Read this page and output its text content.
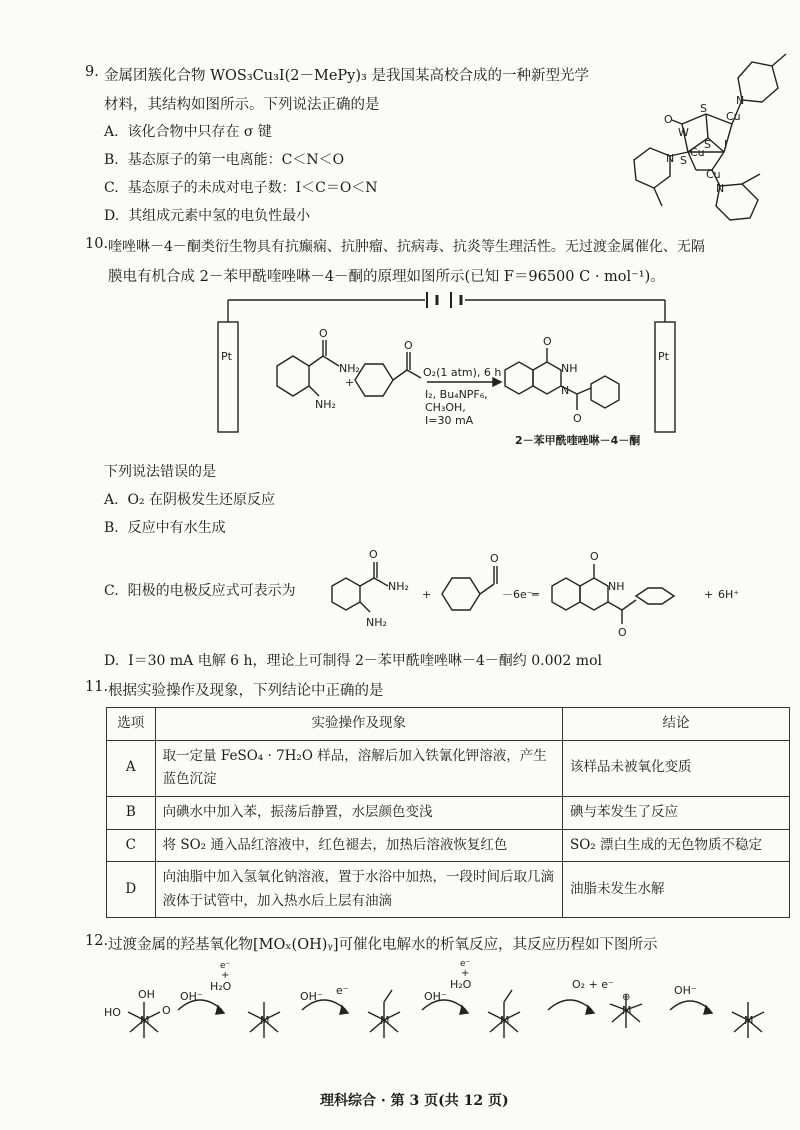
9. 金属团簇化合物 WOS₃Cu₃I(2－MePy)₃ 是我国某高校合成的一种新型光学
材料，其结构如图所示。下列说法正确的是
A. 该化合物中只存在 σ 键
B. 基态原子的第一电离能：C＜N＜O
C. 基态原子的未成对电子数：I＜C＝O＜N
D. 其组成元素中氢的电负性最小
O
W
S
S
S
Cu
Cu
Cu
I
N
N
N
10. 喹唑啉－4－酮类衍生物具有抗癫痫、抗肿瘤、抗病毒、抗炎等生理活性。无过渡金属催化、无隔
膜电有机合成 2－苯甲酰喹唑啉－4－酮的原理如图所示(已知 F＝96500 C · mol⁻¹)。
Pt	Pt
O
NH₂
NH₂
+
O
O₂(1 atm), 6 h
I₂, Bu₄NPF₆,
CH₃OH,
I=30 mA
O
NH
N
O
2－苯甲酰喹唑啉－4－酮
下列说法错误的是
A. O₂ 在阴极发生还原反应
B. 反应中有水生成
C. 阳极的电极反应式可表示为
O
NH₂
NH₂
+
O
－6e⁻ ═
O
NH
O
+ 6H⁺
D. I＝30 mA 电解 6 h，理论上可制得 2－苯甲酰喹唑啉－4－酮约 0.002 mol
11. 根据实验操作及现象，下列结论中正确的是
选项	实验操作及现象	结论
A	取一定量 FeSO₄ · 7H₂O 样品，溶解后加入铁氰化钾溶液，产生蓝色沉淀	该样品未被氧化变质
B	向碘水中加入苯，振荡后静置，水层颜色变浅	碘与苯发生了反应
C	将 SO₂ 通入品红溶液中，红色褪去，加热后溶液恢复红色	SO₂ 漂白生成的无色物质不稳定
D	向油脂中加入氢氧化钠溶液，置于水浴中加热，一段时间后取几滴液体于试管中，加入热水后上层有油滴	油脂未发生水解
12. 过渡金属的羟基氧化物[MOₓ(OH)ᵧ]可催化电解水的析氧反应，其反应历程如下图所示
M	M	M	M
M
M
OH
HO	O
⊕
OH⁻
e⁻
+
H₂O
OH⁻ e⁻	OH⁻
e⁻
+
H₂O	O₂ + e⁻	OH⁻
理科综合 · 第 3 页(共 12 页)
